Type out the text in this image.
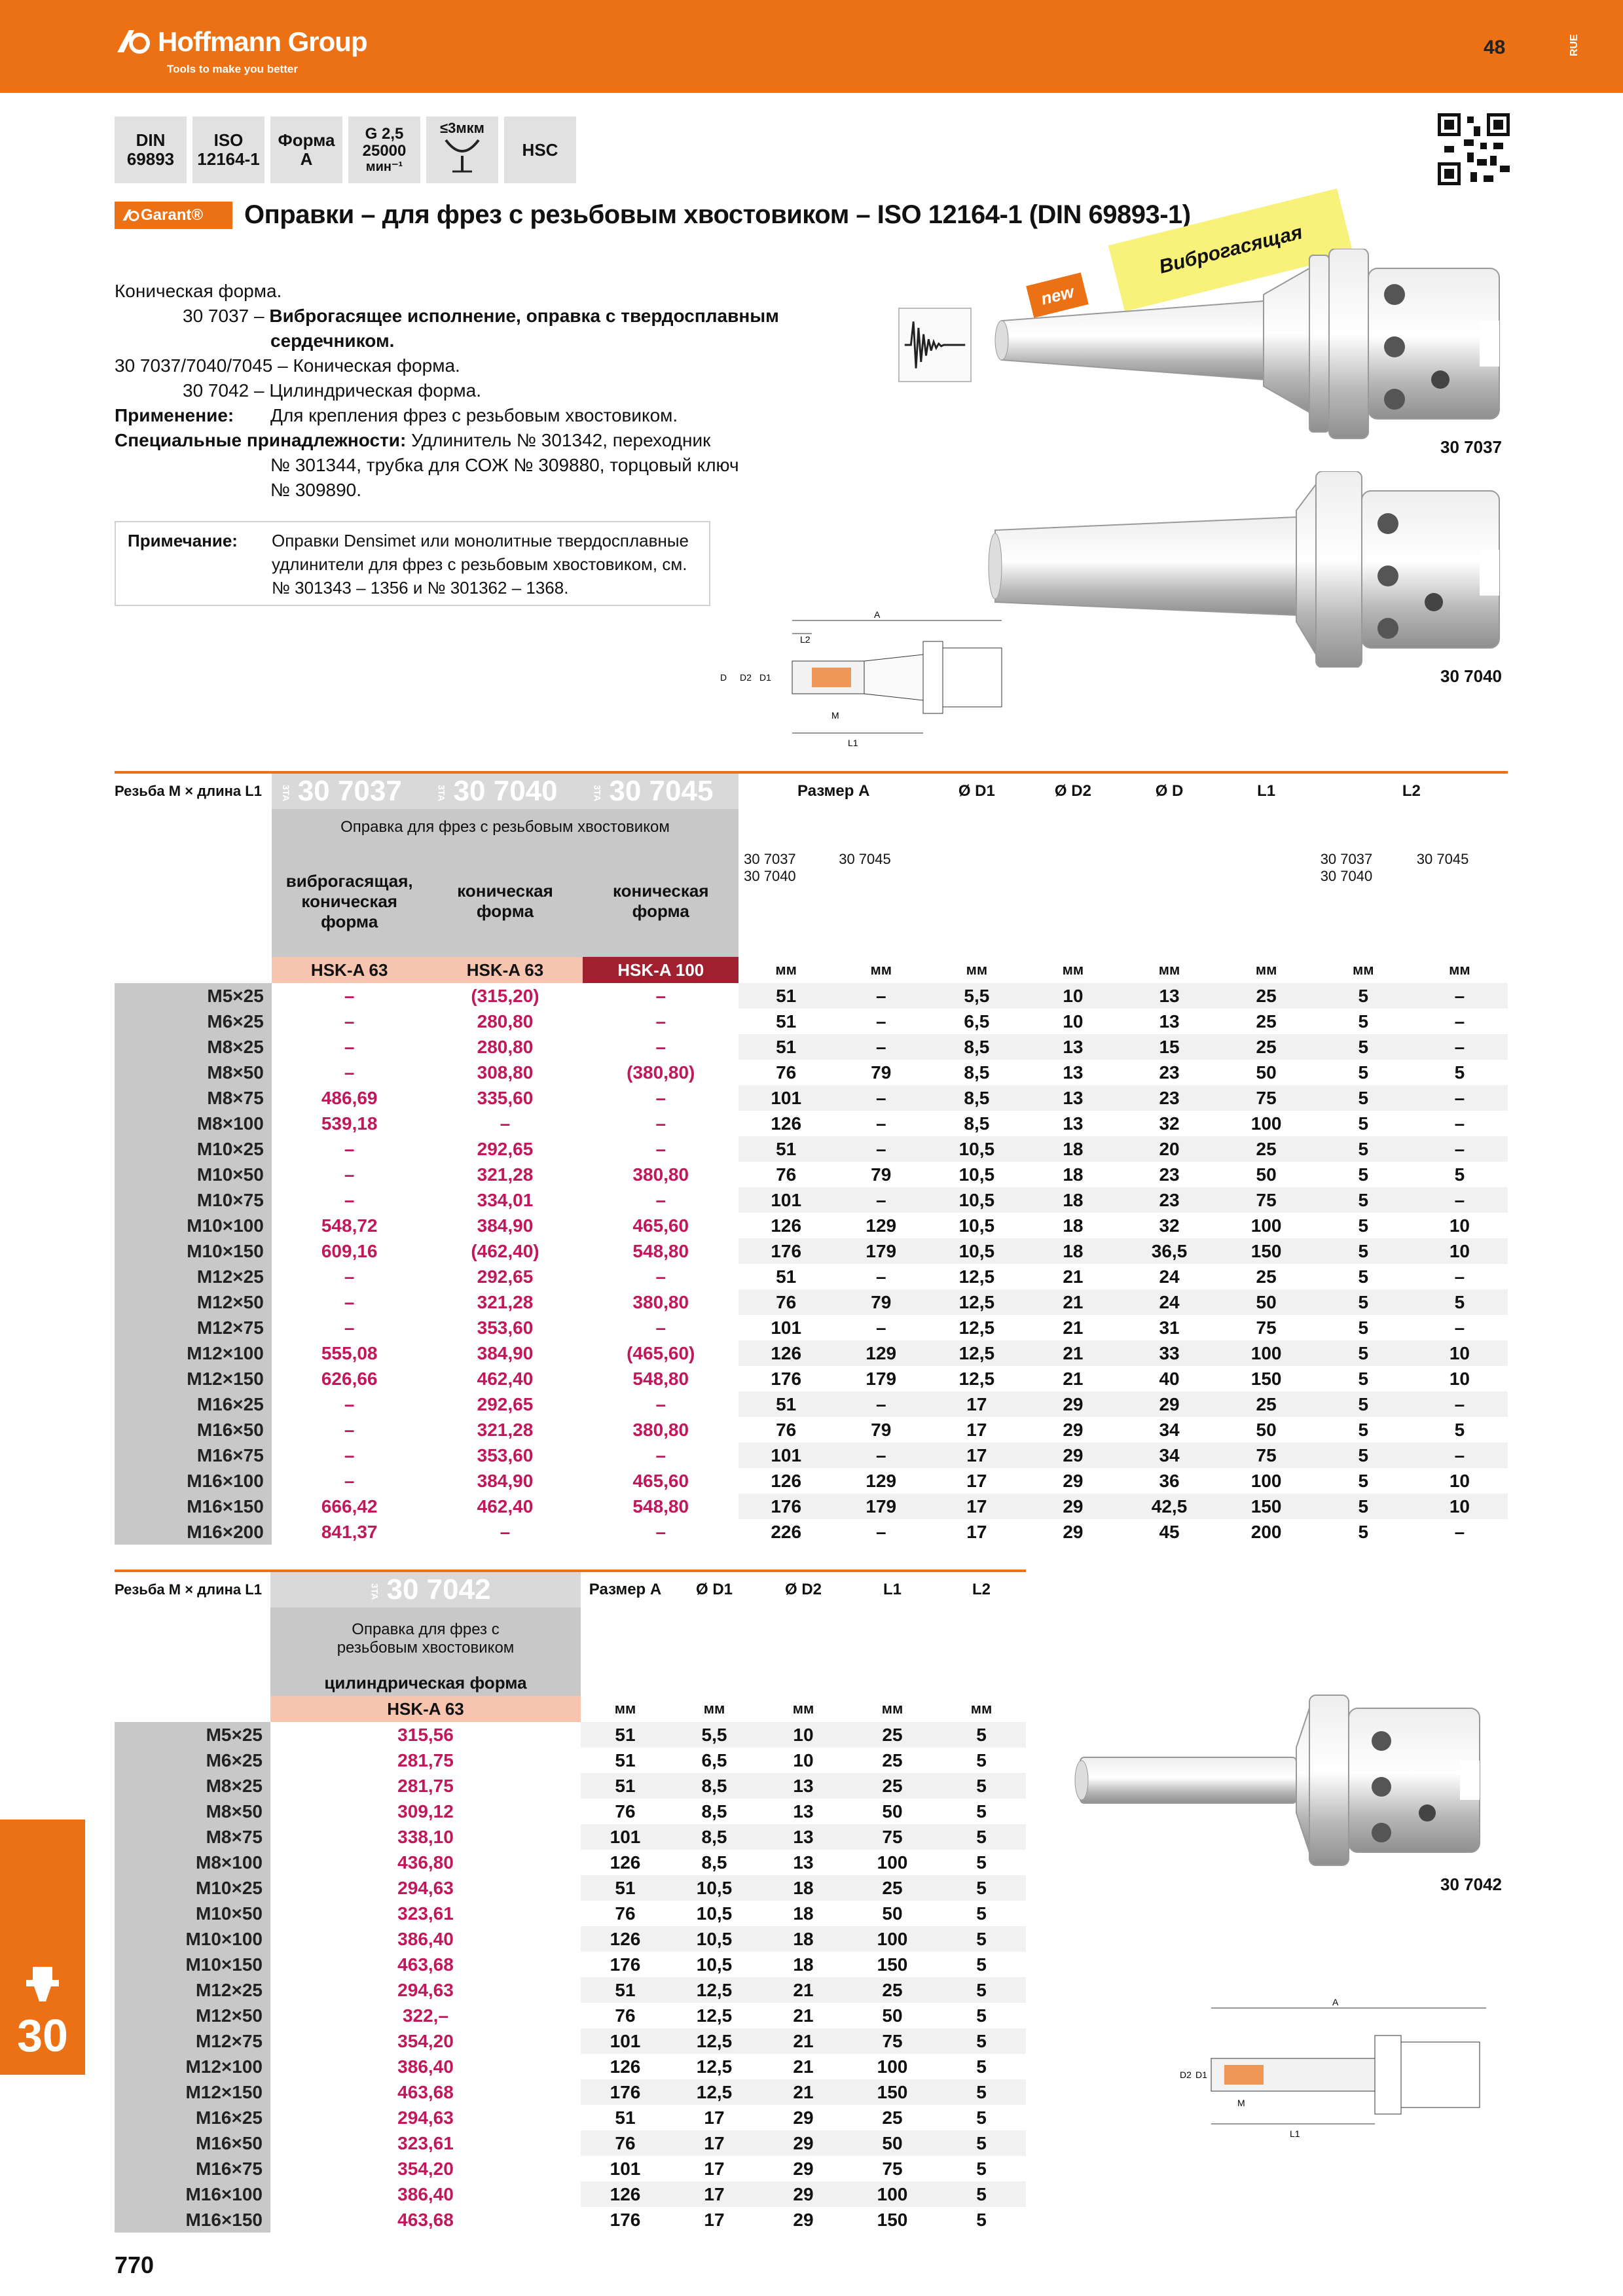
Hoffmann Group
Tools to make you better
48	RUE
DIN
69893
ISO
12164-1
Форма
A
G 2,5
25000
мин⁻¹
≤3мкм
HSC
Garant® Оправки – для фрез с резьбовым хвостовиком – ISO 12164-1 (DIN 69893-1)
Коническая форма.
30 7037 – Виброгасящее исполнение, оправка с твердосплавным
сердечником.
30 7037/7040/7045 – Коническая форма.
30 7042 – Цилиндрическая форма.
Применение: Для крепления фрез с резьбовым хвостовиком.
Специальные принадлежности: Удлинитель № 301342, переходник
№ 301344, трубка для СОЖ № 309880, торцовый ключ
№ 309890.
Примечание: Оправки Densimet или монолитные твердосплавные удлинители для фрез с резьбовым хвостовиком, см. № 301343 – 1356 и № 301362 – 1368.
Виброгасящая
new
30 7037
30 7040
A
L2
D D2 D1
M
L1
Резьба M × длина L1	3TA 30 7037	3TA 30 7040	3TA 30 7045	Размер A		Ø D1	Ø D2	Ø D	L1	L2	
	Оправка для фрез с резьбовым хвостовиком										
	виброгасящая, коническая форма	коническая форма	коническая форма	30 7037
30 7040	30 7045					30 7037
30 7040	30 7045
	HSK-A 63	HSK-A 63	HSK-A 100	мм	мм	мм	мм	мм	мм	мм	мм
M5×25	–	(315,20)	–	51	–	5,5	10	13	25	5	–
M6×25	–	280,80	–	51	–	6,5	10	13	25	5	–
M8×25	–	280,80	–	51	–	8,5	13	15	25	5	–
M8×50	–	308,80	(380,80)	76	79	8,5	13	23	50	5	5
M8×75	486,69	335,60	–	101	–	8,5	13	23	75	5	–
M8×100	539,18	–	–	126	–	8,5	13	32	100	5	–
M10×25	–	292,65	–	51	–	10,5	18	20	25	5	–
M10×50	–	321,28	380,80	76	79	10,5	18	23	50	5	5
M10×75	–	334,01	–	101	–	10,5	18	23	75	5	–
M10×100	548,72	384,90	465,60	126	129	10,5	18	32	100	5	10
M10×150	609,16	(462,40)	548,80	176	179	10,5	18	36,5	150	5	10
M12×25	–	292,65	–	51	–	12,5	21	24	25	5	–
M12×50	–	321,28	380,80	76	79	12,5	21	24	50	5	5
M12×75	–	353,60	–	101	–	12,5	21	31	75	5	–
M12×100	555,08	384,90	(465,60)	126	129	12,5	21	33	100	5	10
M12×150	626,66	462,40	548,80	176	179	12,5	21	40	150	5	10
M16×25	–	292,65	–	51	–	17	29	29	25	5	–
M16×50	–	321,28	380,80	76	79	17	29	34	50	5	5
M16×75	–	353,60	–	101	–	17	29	34	75	5	–
M16×100	–	384,90	465,60	126	129	17	29	36	100	5	10
M16×150	666,42	462,40	548,80	176	179	17	29	42,5	150	5	10
M16×200	841,37	–	–	226	–	17	29	45	200	5	–
Резьба M × длина L1	3TA 30 7042	Размер A	Ø D1	Ø D2	L1	L2
	Оправка для фрез с резьбовым хвостовиком					
	цилиндрическая форма					
	HSK-A 63	мм	мм	мм	мм	мм
M5×25	315,56	51	5,5	10	25	5
M6×25	281,75	51	6,5	10	25	5
M8×25	281,75	51	8,5	13	25	5
M8×50	309,12	76	8,5	13	50	5
M8×75	338,10	101	8,5	13	75	5
M8×100	436,80	126	8,5	13	100	5
M10×25	294,63	51	10,5	18	25	5
M10×50	323,61	76	10,5	18	50	5
M10×100	386,40	126	10,5	18	100	5
M10×150	463,68	176	10,5	18	150	5
M12×25	294,63	51	12,5	21	25	5
M12×50	322,–	76	12,5	21	50	5
M12×75	354,20	101	12,5	21	75	5
M12×100	386,40	126	12,5	21	100	5
M12×150	463,68	176	12,5	21	150	5
M16×25	294,63	51	17	29	25	5
M16×50	323,61	76	17	29	50	5
M16×75	354,20	101	17	29	75	5
M16×100	386,40	126	17	29	100	5
M16×150	463,68	176	17	29	150	5
30 7042
A
D2 D1
M
L1
30
770
